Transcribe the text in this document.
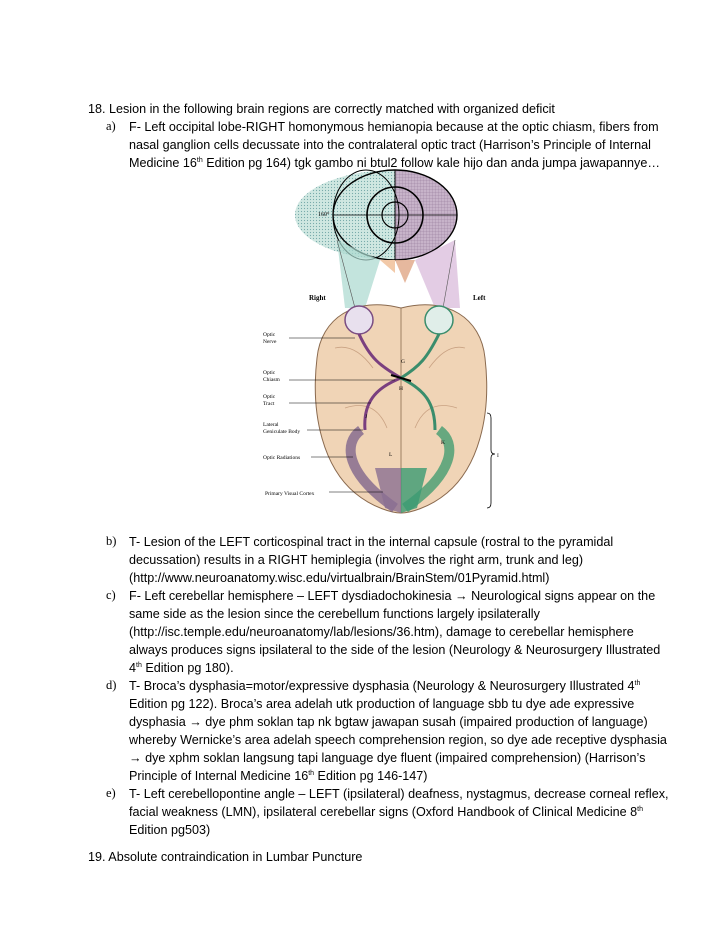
18. Lesion in the following brain regions are correctly matched with organized deficit
a) F- Left occipital lobe-RIGHT homonymous hemianopia because at the optic chiasm, fibers from
nasal ganglion cells decussate into the contralateral optic tract (Harrison’s Principle of Internal
Medicine 16th Edition pg 164) tgk gambo ni btul2 follow kale hijo dan anda jumpa jawapannye…
160°
Right	Left
Optic
Nerve
Optic
Chiasm
Optic
Tract
Lateral
Geniculate Body
Optic Radiations
Primary Visual Cortex
G
H
J
K
L	I
b) T- Lesion of the LEFT corticospinal tract in the internal capsule (rostral to the pyramidal
decussation) results in a RIGHT hemiplegia (involves the right arm, trunk and leg)
(http://www.neuroanatomy.wisc.edu/virtualbrain/BrainStem/01Pyramid.html)
c) F- Left cerebellar hemisphere – LEFT dysdiadochokinesia → Neurological signs appear on the
same side as the lesion since the cerebellum functions largely ipsilaterally
(http://isc.temple.edu/neuroanatomy/lab/lesions/36.htm), damage to cerebellar hemisphere
always produces signs ipsilateral to the side of the lesion (Neurology & Neurosurgery Illustrated
4th Edition pg 180).
d) T- Broca’s dysphasia=motor/expressive dysphasia (Neurology & Neurosurgery Illustrated 4th
Edition pg 122). Broca’s area adelah utk production of language sbb tu dye ade expressive
dysphasia → dye phm soklan tap nk bgtaw jawapan susah (impaired production of language)
whereby Wernicke’s area adelah speech comprehension region, so dye ade receptive dysphasia
→ dye xphm soklan langsung tapi language dye fluent (impaired comprehension) (Harrison’s
Principle of Internal Medicine 16th Edition pg 146-147)
e) T- Left cerebellopontine angle – LEFT (ipsilateral) deafness, nystagmus, decrease corneal reflex,
facial weakness (LMN), ipsilateral cerebellar signs (Oxford Handbook of Clinical Medicine 8th
Edition pg503)
19. Absolute contraindication in Lumbar Puncture
